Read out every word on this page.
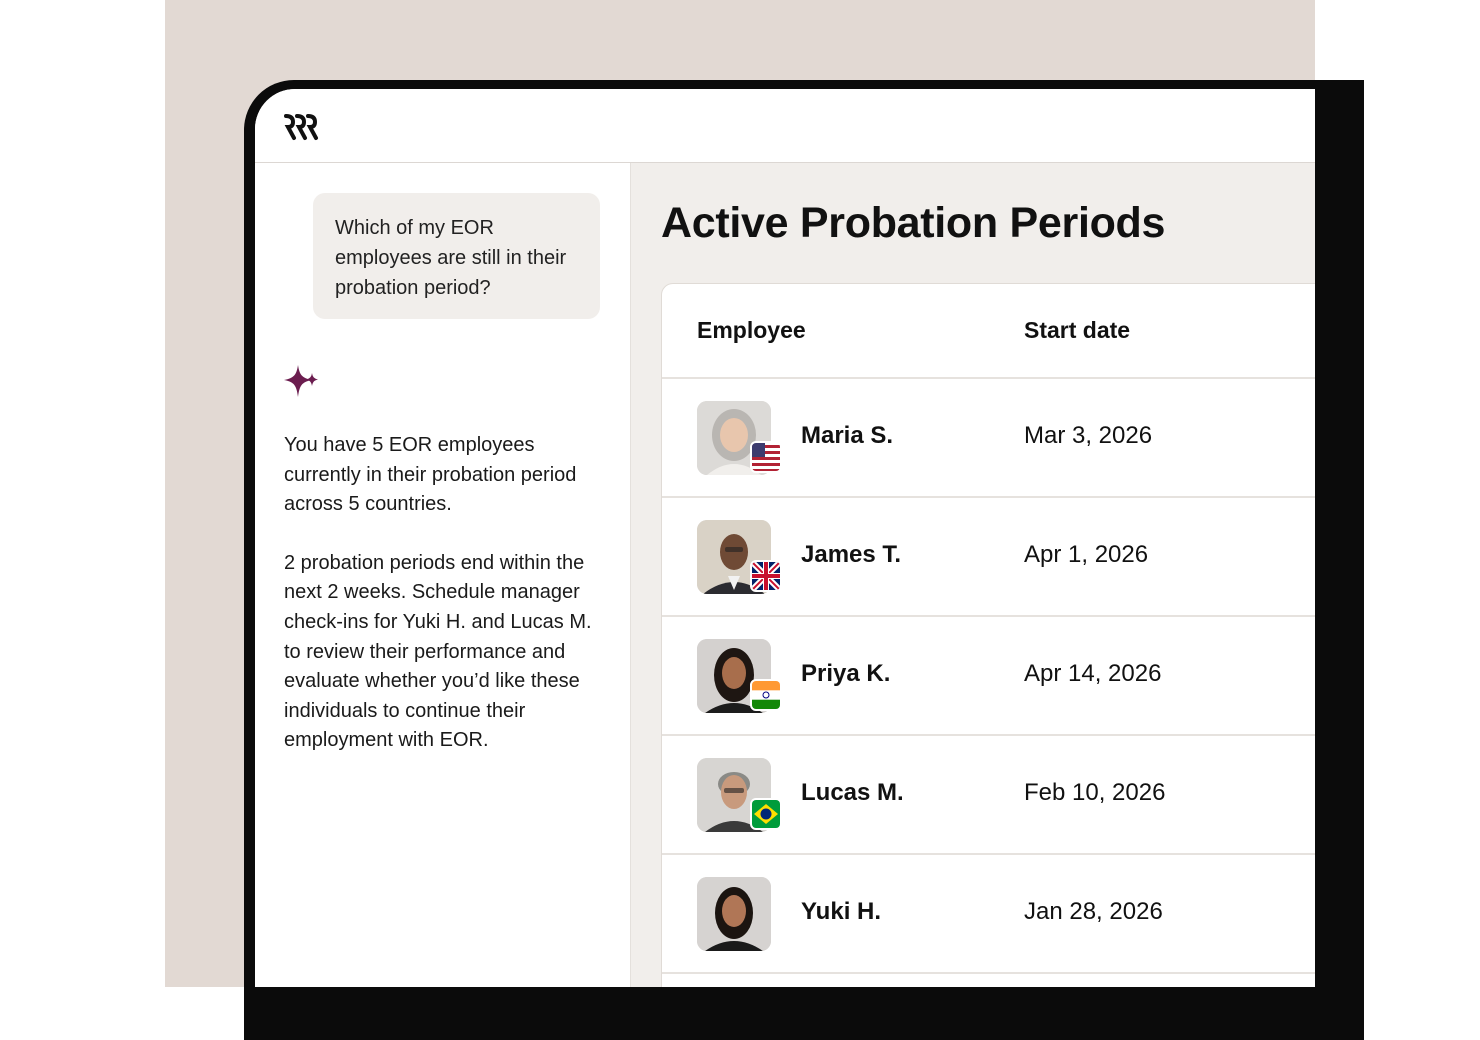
Which of my EOR employees are still in their probation period?

You have 5 EOR employees currently in their probation period across 5 countries.

2 probation periods end within the next 2 weeks. Schedule manager check-ins for Yuki H. and Lucas M. to review their performance and evaluate whether you’d like these individuals to continue their employment with EOR.

Active Probation Periods
Employee	Start date
Maria S.	Mar 3, 2026
James T.	Apr 1, 2026
Priya K.	Apr 14, 2026
Lucas M.	Feb 10, 2026
Yuki H.	Jan 28, 2026
